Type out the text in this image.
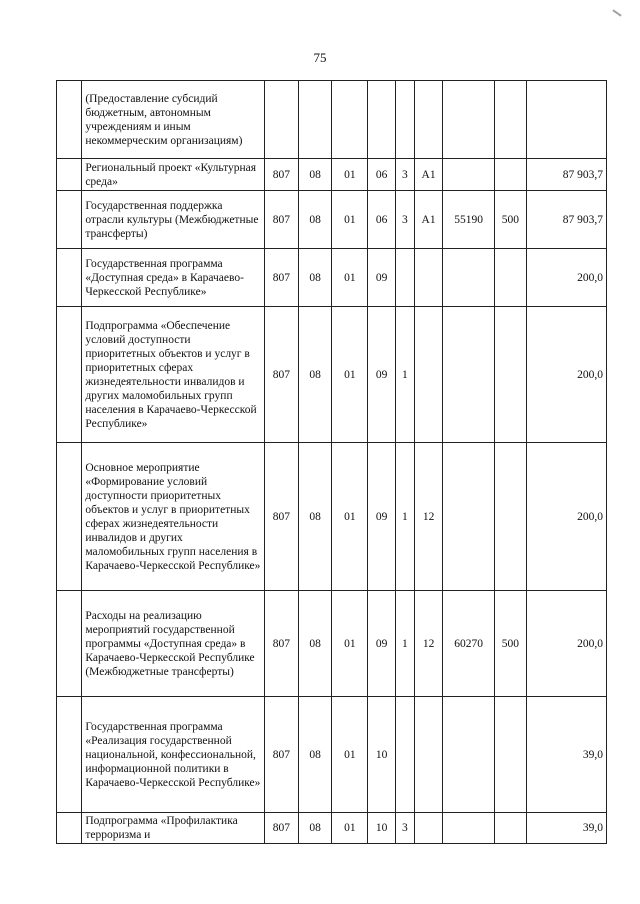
75
	(Предоставление субсидий бюджетным, автономным учреждениям и иным некоммерческим организациям)									
	Региональный проект «Культурная среда»	807	08	01	06	3	А1			87 903,7
	Государственная поддержка отрасли культуры (Межбюджетные трансферты)	807	08	01	06	3	А1	55190	500	87 903,7
	Государственная программа «Доступная среда» в Карачаево-Черкесской Республике»	807	08	01	09					200,0
	Подпрограмма «Обеспечение условий доступности приоритетных объектов и услуг в приоритетных сферах жизнедеятельности инвалидов и других маломобильных групп населения в Карачаево-Черкесской Республике»	807	08	01	09	1				200,0
	Основное мероприятие «Формирование условий доступности приоритетных объектов и услуг в приоритетных сферах жизнедеятельности инвалидов и других маломобильных групп населения в Карачаево-Черкесской Республике»	807	08	01	09	1	12			200,0
	Расходы на реализацию мероприятий государственной программы «Доступная среда» в Карачаево-Черкесской Республике (Межбюджетные трансферты)	807	08	01	09	1	12	60270	500	200,0
	Государственная программа «Реализация государственной национальной, конфессиональной, информационной политики в Карачаево-Черкесской Республике»	807	08	01	10					39,0
	Подпрограмма «Профилактика терроризма и	807	08	01	10	3				39,0
